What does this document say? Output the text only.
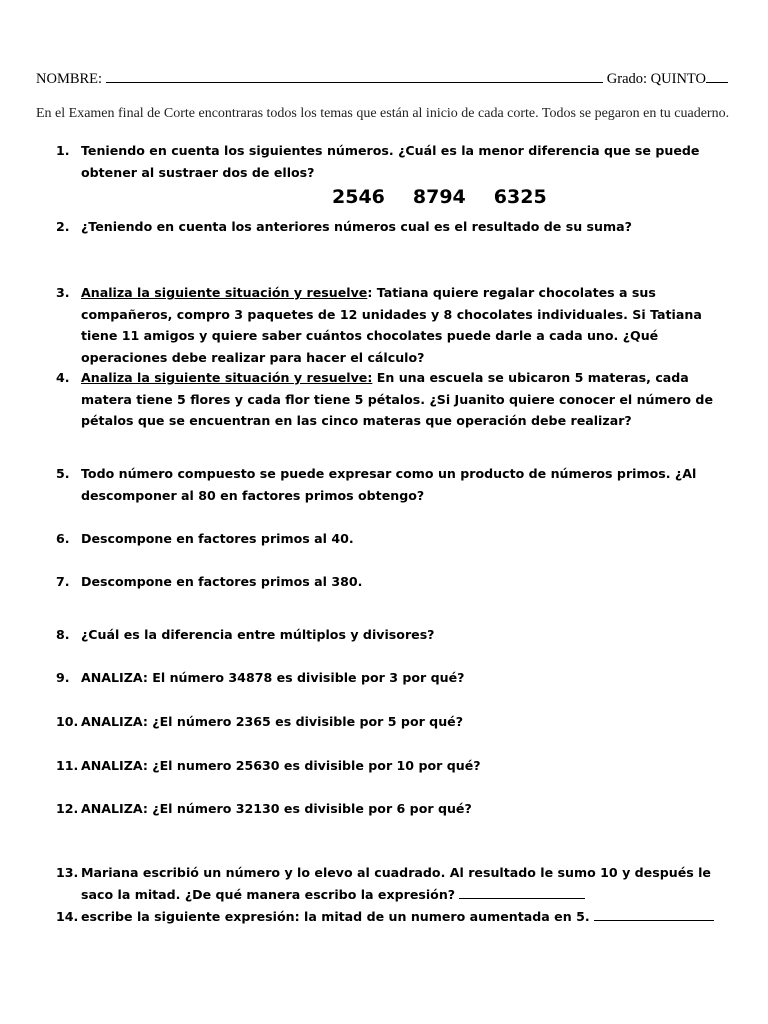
NOMBRE:	Grado: QUINTO
En el Examen final de Corte encontraras todos los temas que están al inicio de cada corte. Todos se pegaron en tu cuaderno.
1. Teniendo en cuenta los siguientes números. ¿Cuál es la menor diferencia que se puede obtener al sustraer dos de ellos?
2546 8794 6325
2. ¿Teniendo en cuenta los anteriores números cual es el resultado de su suma?
3. Analiza la siguiente situación y resuelve: Tatiana quiere regalar chocolates a sus compañeros, compro 3 paquetes de 12 unidades y 8 chocolates individuales. Si Tatiana tiene 11 amigos y quiere saber cuántos chocolates puede darle a cada uno. ¿Qué operaciones debe realizar para hacer el cálculo?
4. Analiza la siguiente situación y resuelve: En una escuela se ubicaron 5 materas, cada matera tiene 5 flores y cada flor tiene 5 pétalos. ¿Si Juanito quiere conocer el número de pétalos que se encuentran en las cinco materas que operación debe realizar?
5. Todo número compuesto se puede expresar como un producto de números primos. ¿Al descomponer al 80 en factores primos obtengo?
6. Descompone en factores primos al 40.
7. Descompone en factores primos al 380.
8. ¿Cuál es la diferencia entre múltiplos y divisores?
9. ANALIZA: El número 34878 es divisible por 3 por qué?
10. ANALIZA: ¿El número 2365 es divisible por 5 por qué?
11. ANALIZA: ¿El numero 25630 es divisible por 10 por qué?
12. ANALIZA: ¿El número 32130 es divisible por 6 por qué?
13. Mariana escribió un número y lo elevo al cuadrado. Al resultado le sumo 10 y después le saco la mitad. ¿De qué manera escribo la expresión?
14. escribe la siguiente expresión: la mitad de un numero aumentada en 5.
